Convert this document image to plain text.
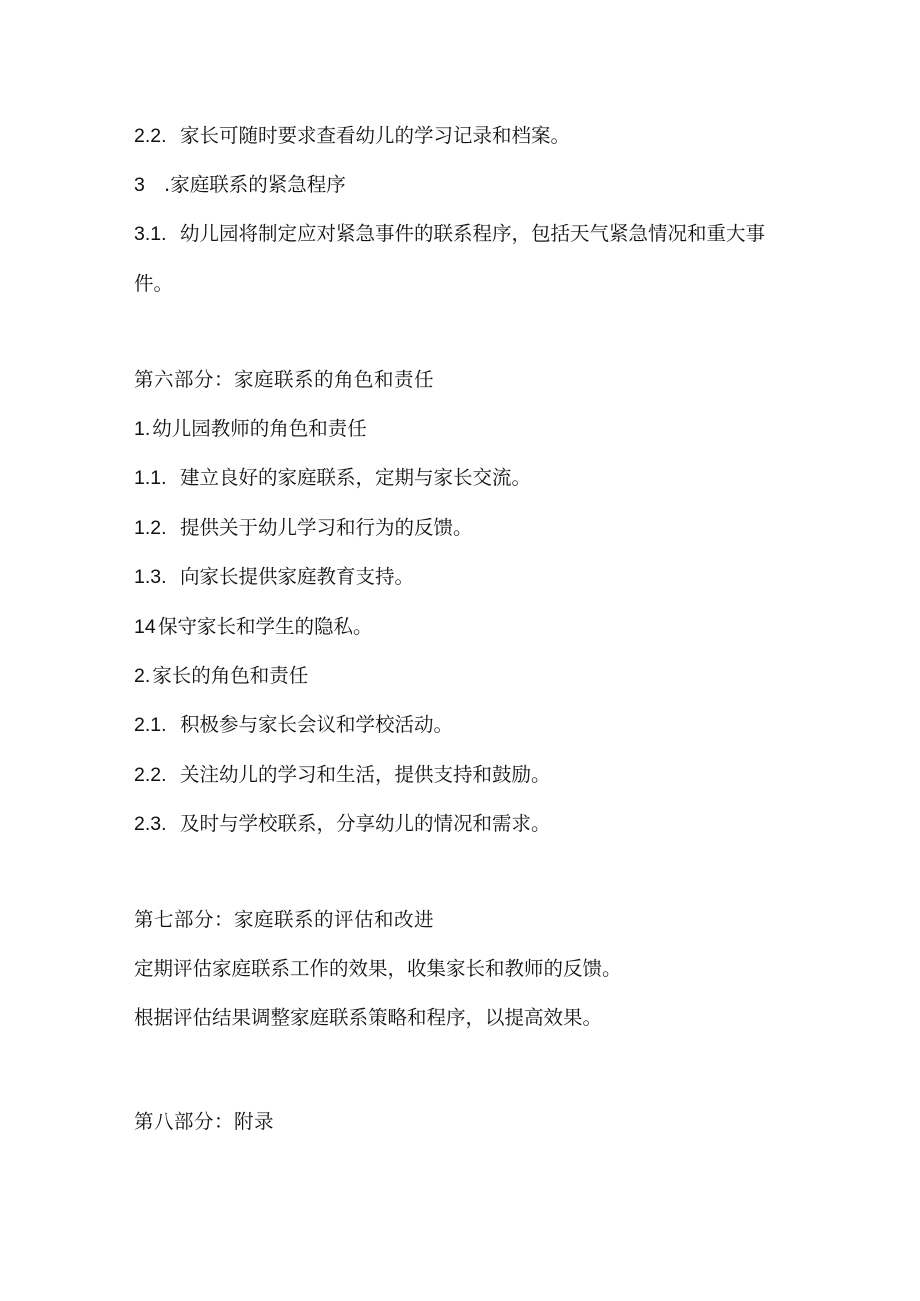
2.2. 家长可随时要求查看幼儿的学习记录和档案。
3 .家庭联系的紧急程序
3.1. 幼儿园将制定应对紧急事件的联系程序，包括天气紧急情况和重大事
件。
第六部分：家庭联系的角色和责任
1. 幼儿园教师的角色和责任
1.1. 建立良好的家庭联系，定期与家长交流。
1.2. 提供关于幼儿学习和行为的反馈。
1.3. 向家长提供家庭教育支持。
14 保守家长和学生的隐私。
2. 家长的角色和责任
2.1. 积极参与家长会议和学校活动。
2.2. 关注幼儿的学习和生活，提供支持和鼓励。
2.3. 及时与学校联系，分享幼儿的情况和需求。
第七部分：家庭联系的评估和改进
定期评估家庭联系工作的效果，收集家长和教师的反馈。
根据评估结果调整家庭联系策略和程序，以提高效果。
第八部分：附录
